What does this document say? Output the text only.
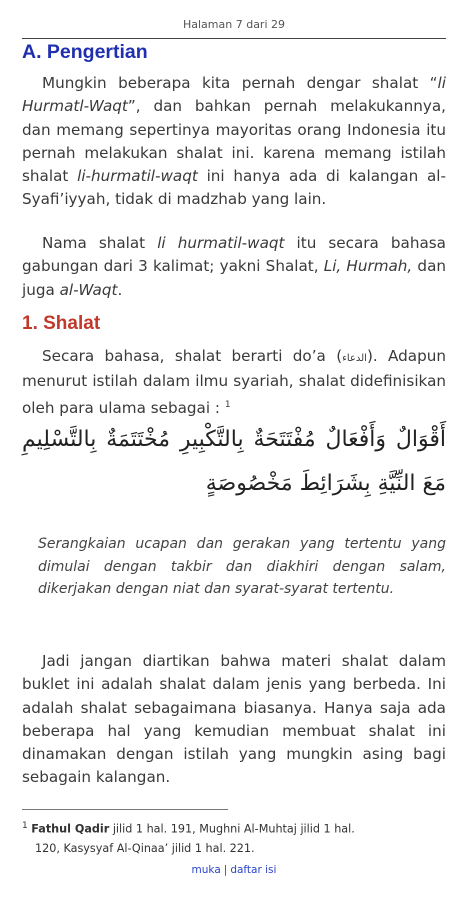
Halaman 7 dari 29
A. Pengertian

Mungkin beberapa kita pernah dengar shalat “li Hurmatl-Waqt”, dan bahkan pernah melakukannya, dan memang sepertinya mayoritas orang Indonesia itu pernah melakukan shalat ini. karena memang istilah shalat li-hurmatil-waqt ini hanya ada di kalangan al-Syafi’iyyah, tidak di madzhab yang lain.

Nama shalat li hurmatil-waqt itu secara bahasa gabungan dari 3 kalimat; yakni Shalat, Li, Hurmah, dan juga al-Waqt.

1. Shalat

Secara bahasa, shalat berarti do’a (الدعاء). Adapun menurut istilah dalam ilmu syariah, shalat didefinisikan oleh para ulama sebagai : $^1$

أَقْوَالٌ وَأَفْعَالٌ مُفْتَتَحَةٌ بِالتَّكْبِيرِ مُخْتَتَمَةٌ بِالتَّسْلِيمِ مَعَ النِّيَّةِ بِشَرَائِطَ مَخْصُوصَةٍ

Serangkaian ucapan dan gerakan yang tertentu yang dimulai dengan takbir dan diakhiri dengan salam, dikerjakan dengan niat dan syarat-syarat tertentu.

Jadi jangan diartikan bahwa materi shalat dalam buklet ini adalah shalat dalam jenis yang berbeda. Ini adalah shalat sebagaimana biasanya. Hanya saja ada beberapa hal yang kemudian membuat shalat ini dinamakan dengan istilah yang mungkin asing bagi sebagain kalangan.

$^1$ Fathul Qadir jilid 1 hal. 191, Mughni Al-Muhtaj jilid 1 hal.
120, Kasysyaf Al-Qinaa’ jilid 1 hal. 221.
muka | daftar isi
